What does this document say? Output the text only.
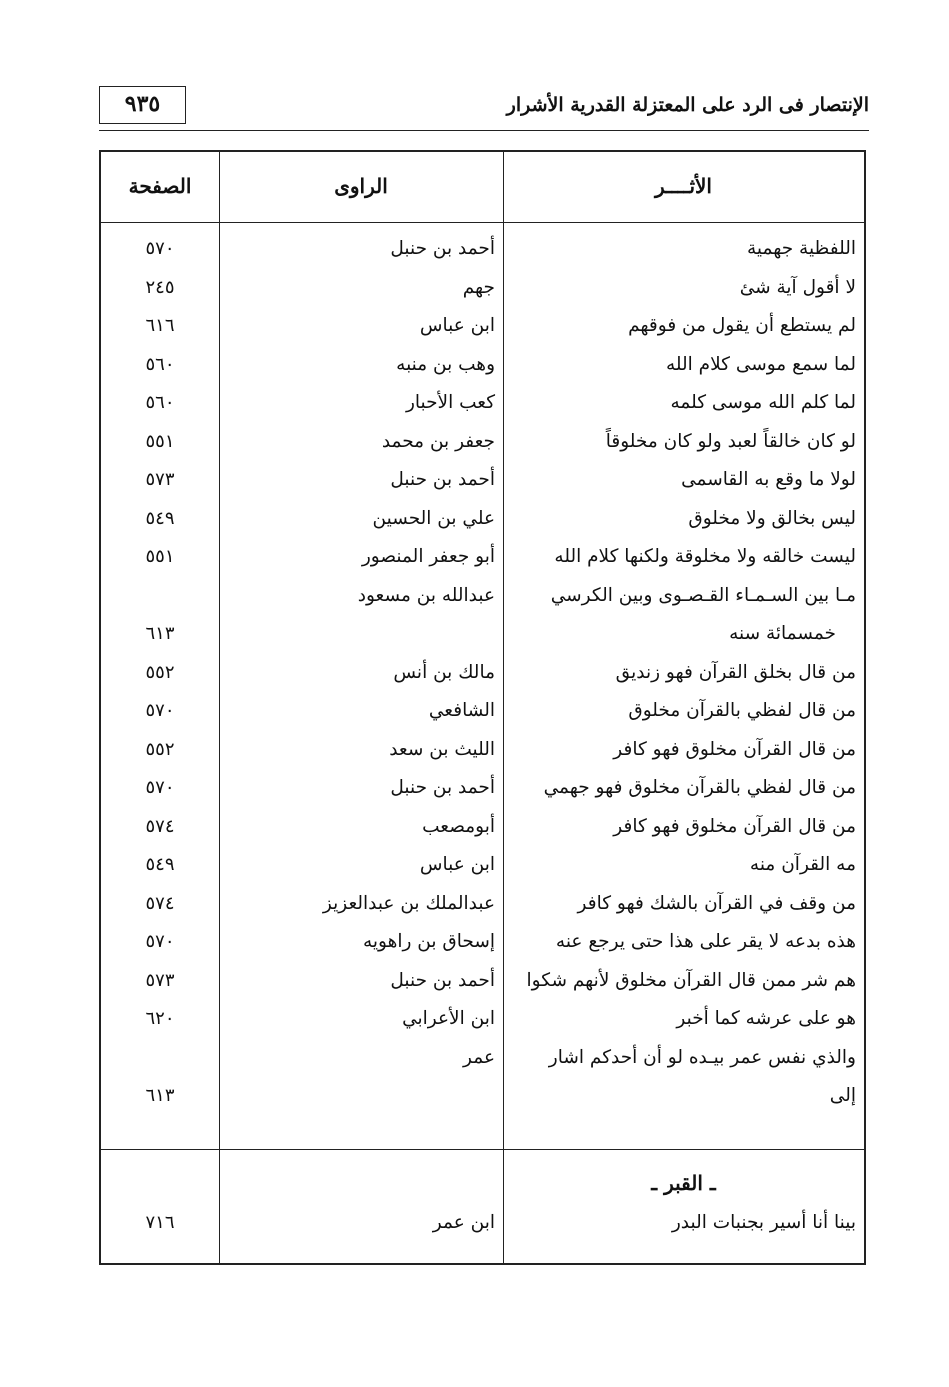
الإنتصار فى الرد على المعتزلة القدرية الأشرار
٩٣٥
الأثــــر
الراوى
الصفحة
اللفظية جهمية
أحمد بن حنبل
٥٧٠
لا أقول آية شئ
جهم
٢٤٥
لم يستطع أن يقول من فوقهم
ابن عباس
٦١٦
لما سمع موسى كلام الله
وهب بن منبه
٥٦٠
لما كلم الله موسى كلمه
كعب الأحبار
٥٦٠
لو كان خالقاً لعبد ولو كان مخلوقاً
جعفر بن محمد
٥٥١
لولا ما وقع به القاسمى
أحمد بن حنبل
٥٧٣
ليس بخالق ولا مخلوق
علي بن الحسين
٥٤٩
ليست خالقه ولا مخلوقة ولكنها كلام الله
أبو جعفر المنصور
٥٥١
مـا بين السـمـاء القـصـوى وبين الكرسي
عبدالله بن مسعود
خمسمائة سنه
٦١٣
من قال بخلق القرآن فهو زنديق
مالك بن أنس
٥٥٢
من قال لفظي بالقرآن مخلوق
الشافعي
٥٧٠
من قال القرآن مخلوق فهو كافر
الليث بن سعد
٥٥٢
من قال لفظي بالقرآن مخلوق فهو جهمي
أحمد بن حنبل
٥٧٠
من قال القرآن مخلوق فهو كافر
أبومصعب
٥٧٤
مه القرآن منه
ابن عباس
٥٤٩
من وقف في القرآن بالشك فهو كافر
عبدالملك بن عبدالعزيز
٥٧٤
هذه بدعه لا يقر على هذا حتى يرجع عنه
إسحاق بن راهويه
٥٧٠
هم شر ممن قال القرآن مخلوق لأنهم شكوا
أحمد بن حنبل
٥٧٣
هو على عرشه كما أخبر
ابن الأعرابي
٦٢٠
والذي نفس عمر بيـده لو أن أحدكم اشار
عمر
إلى
٦١٣
ـ القبر ـ
بينا أنا أسير بجنبات البدر
ابن عمر
٧١٦
